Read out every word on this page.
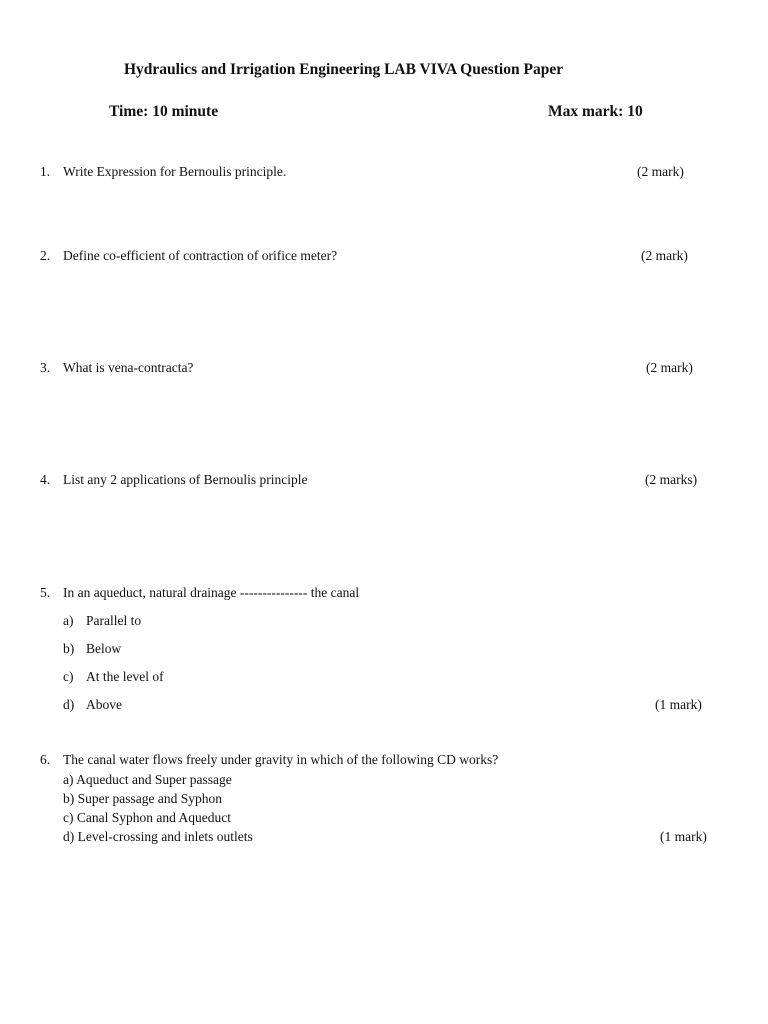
Hydraulics and Irrigation Engineering LAB VIVA Question Paper
Time: 10 minute	Max mark: 10
1. Write Expression for Bernoulis principle.	(2 mark)
2. Define co-efficient of contraction of orifice meter?	(2 mark)
3. What is vena-contracta?	(2 mark)
4. List any 2 applications of Bernoulis principle	(2 marks)
5. In an aqueduct, natural drainage --------------- the canal
a) Parallel to
b) Below
c) At the level of
d) Above	(1 mark)
6. The canal water flows freely under gravity in which of the following CD works?
a) Aqueduct and Super passage
b) Super passage and Syphon
c) Canal Syphon and Aqueduct
d) Level-crossing and inlets outlets	(1 mark)
